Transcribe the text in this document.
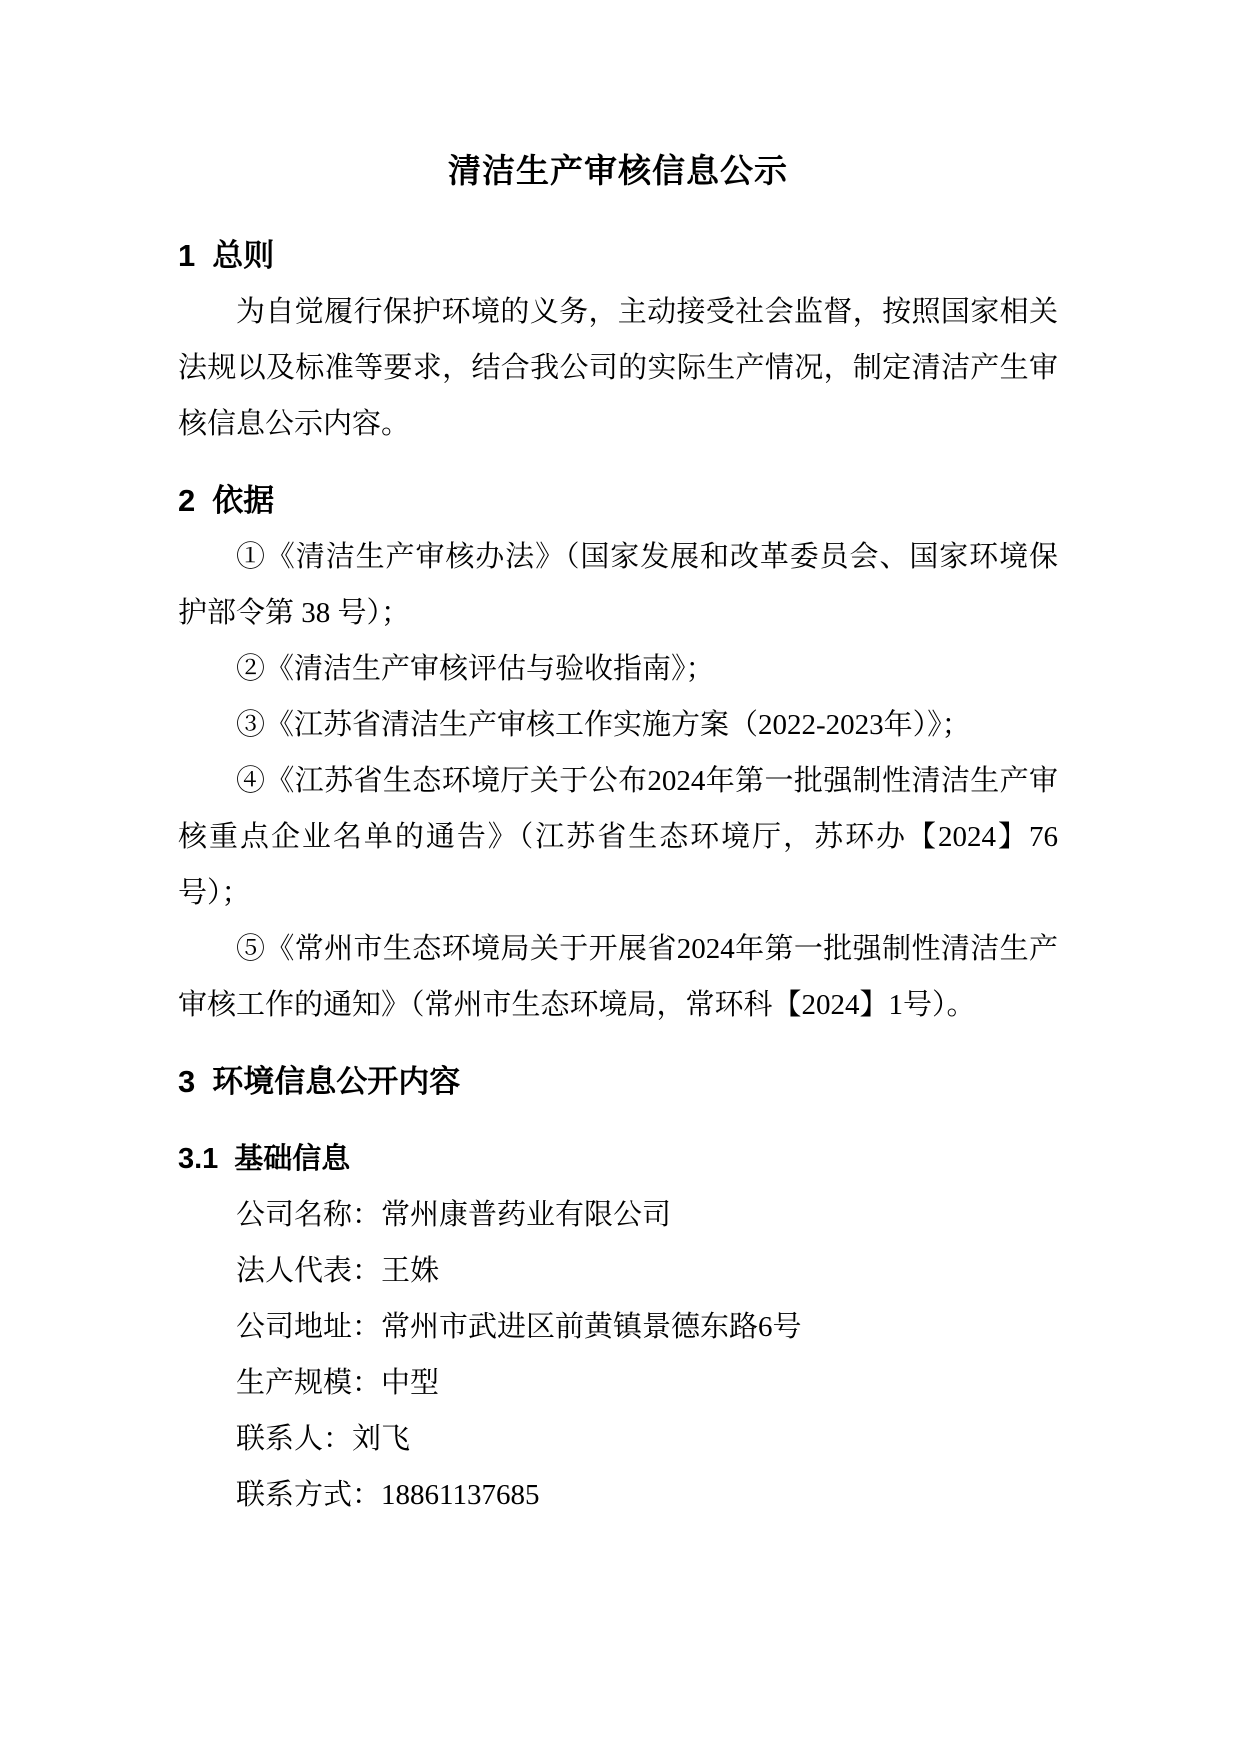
清洁生产审核信息公示
1 总则

为自觉履行保护环境的义务，主动接受社会监督，按照国家相关法规以及标准等要求，结合我公司的实际生产情况，制定清洁产生审核信息公示内容。

2 依据

①《清洁生产审核办法》（国家发展和改革委员会、国家环境保护部令第 38 号）；

②《清洁生产审核评估与验收指南》；

③《江苏省清洁生产审核工作实施方案（2022-2023年）》；

④《江苏省生态环境厅关于公布2024年第一批强制性清洁生产审核重点企业名单的通告》（江苏省生态环境厅，苏环办【2024】76 号）；

⑤《常州市生态环境局关于开展省2024年第一批强制性清洁生产审核工作的通知》（常州市生态环境局，常环科【2024】1号）。

3 环境信息公开内容
3.1 基础信息

公司名称：常州康普药业有限公司

法人代表：王姝

公司地址：常州市武进区前黄镇景德东路6号

生产规模：中型

联系人：刘飞

联系方式：18861137685
